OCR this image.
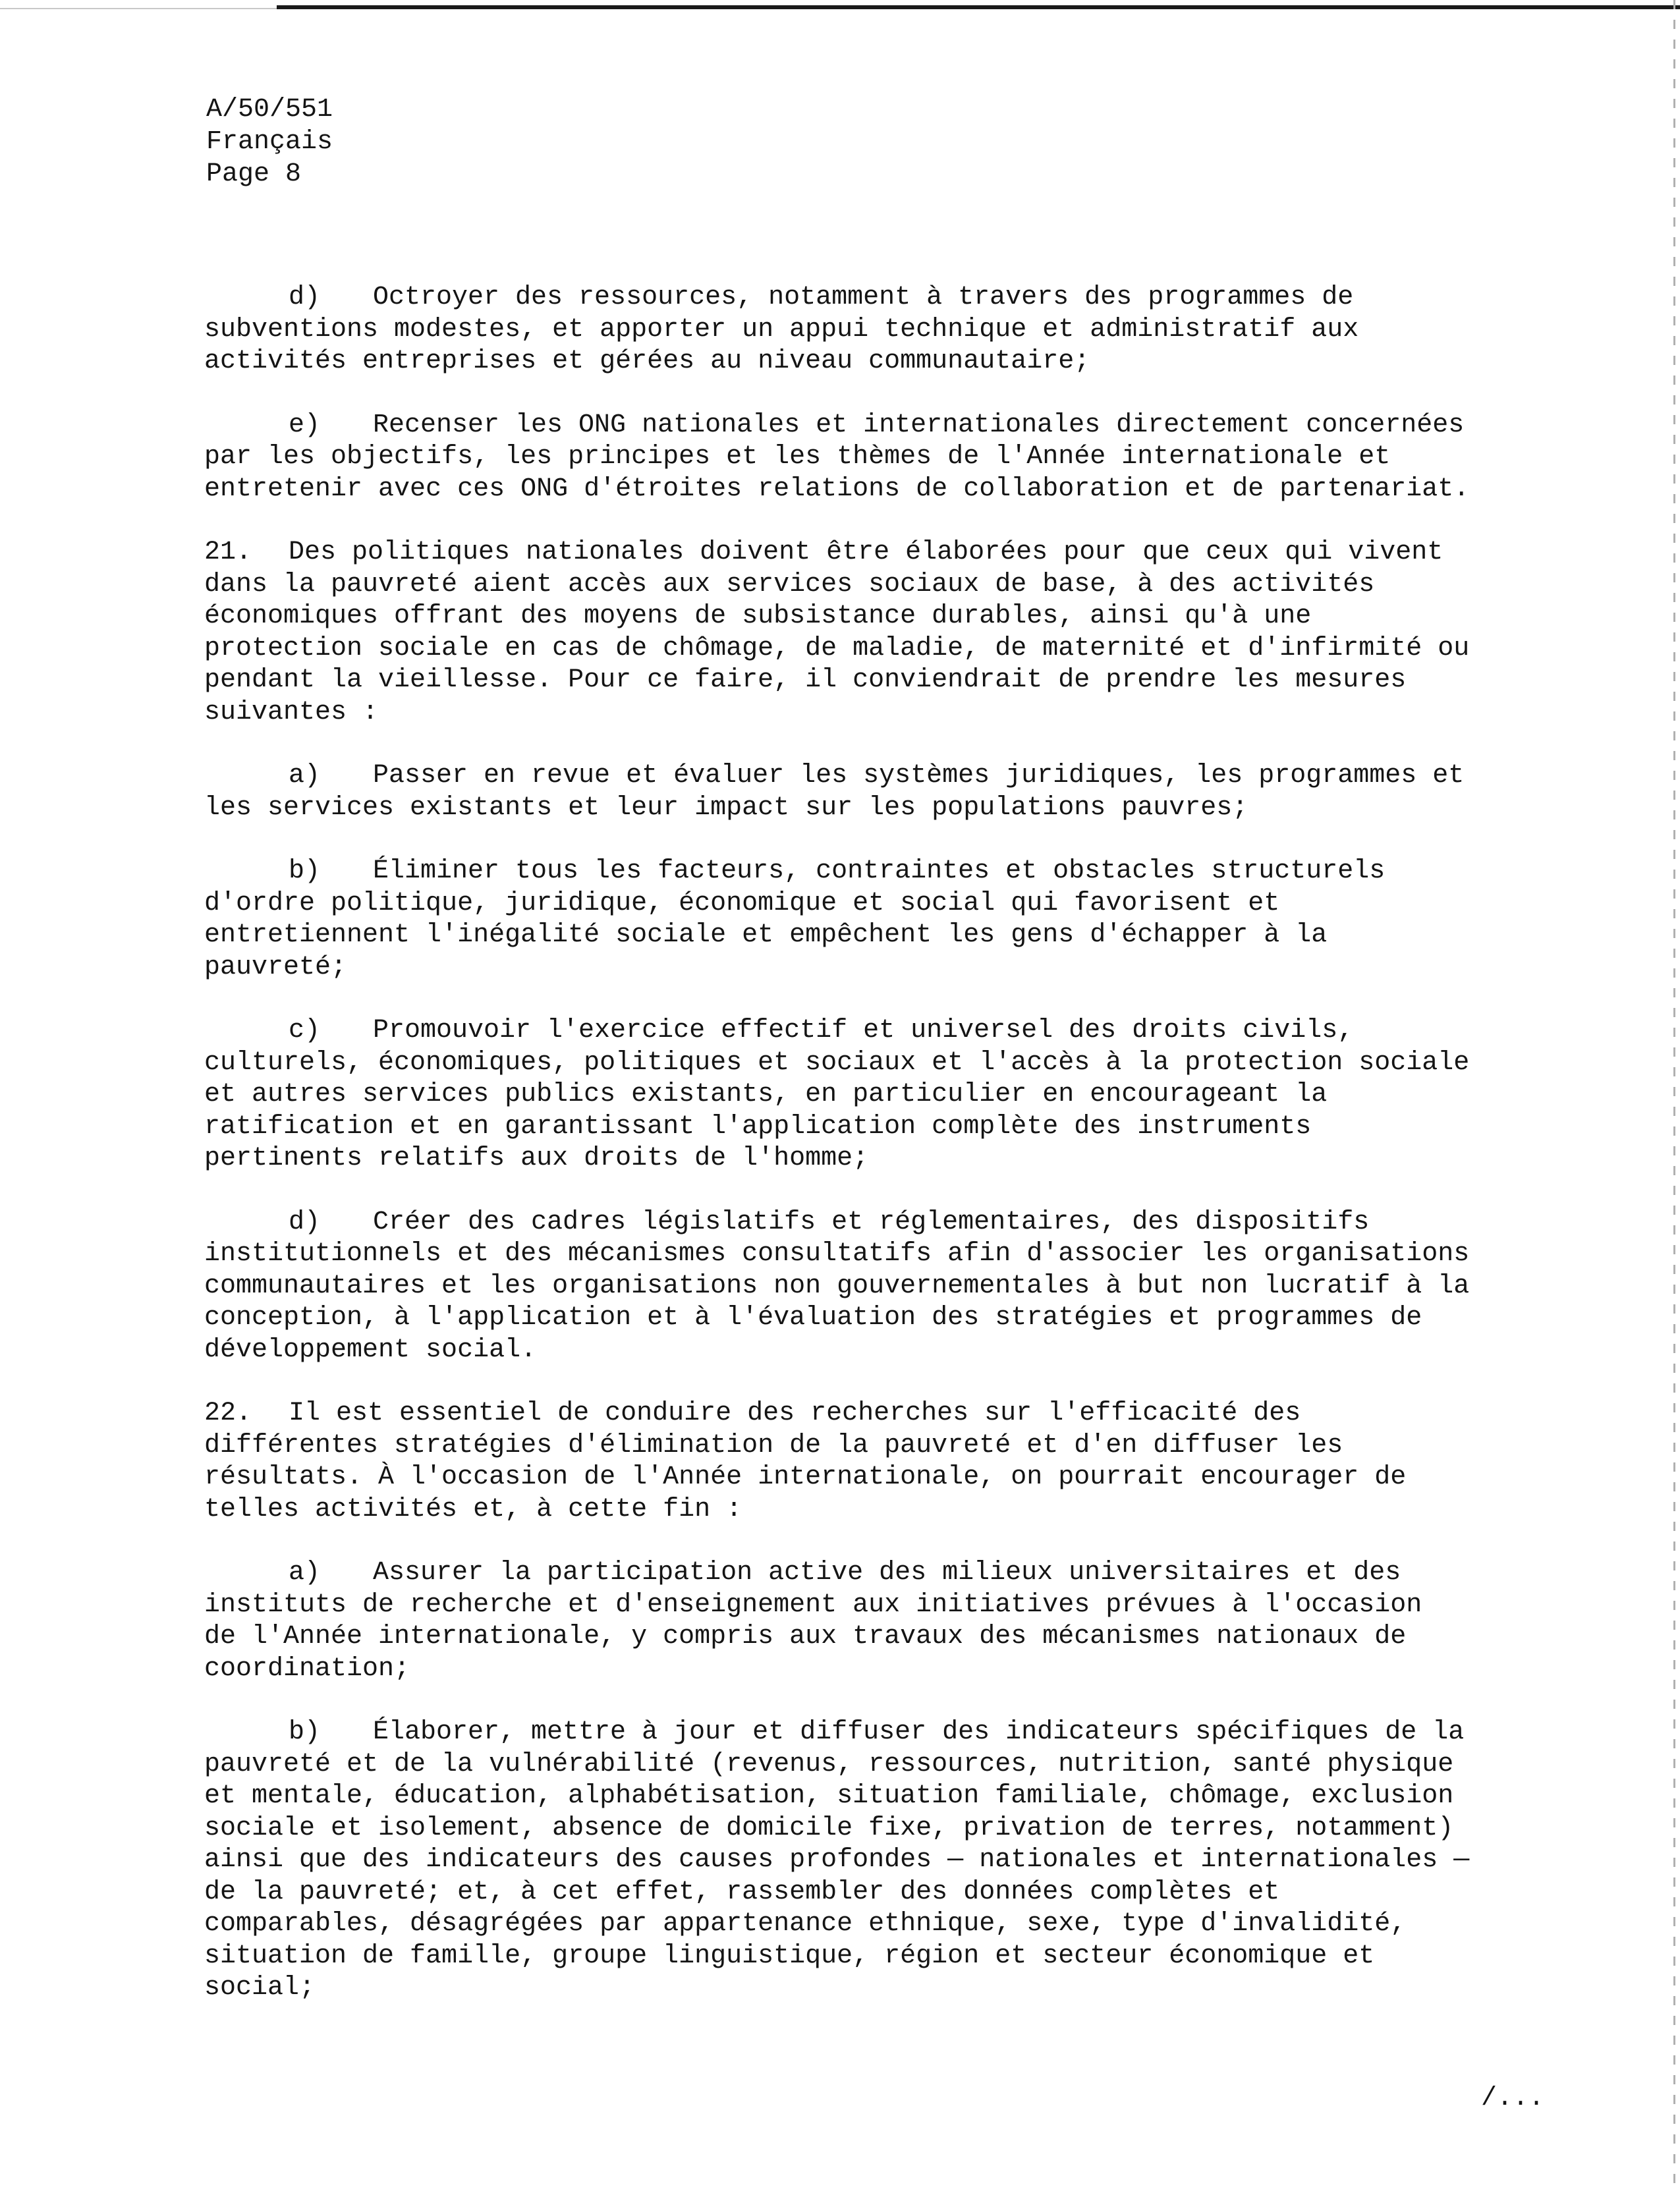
A/50/551
Français
Page 8

d) Octroyer des ressources, notamment à travers des programmes de
subventions modestes, et apporter un appui technique et administratif aux
activités entreprises et gérées au niveau communautaire;

e) Recenser les ONG nationales et internationales directement concernées
par les objectifs, les principes et les thèmes de l'Année internationale et
entretenir avec ces ONG d'étroites relations de collaboration et de partenariat.

21. Des politiques nationales doivent être élaborées pour que ceux qui vivent
dans la pauvreté aient accès aux services sociaux de base, à des activités
économiques offrant des moyens de subsistance durables, ainsi qu'à une
protection sociale en cas de chômage, de maladie, de maternité et d'infirmité ou
pendant la vieillesse. Pour ce faire, il conviendrait de prendre les mesures
suivantes :

a) Passer en revue et évaluer les systèmes juridiques, les programmes et
les services existants et leur impact sur les populations pauvres;

b) Éliminer tous les facteurs, contraintes et obstacles structurels
d'ordre politique, juridique, économique et social qui favorisent et
entretiennent l'inégalité sociale et empêchent les gens d'échapper à la
pauvreté;

c) Promouvoir l'exercice effectif et universel des droits civils,
culturels, économiques, politiques et sociaux et l'accès à la protection sociale
et autres services publics existants, en particulier en encourageant la
ratification et en garantissant l'application complète des instruments
pertinents relatifs aux droits de l'homme;

d) Créer des cadres législatifs et réglementaires, des dispositifs
institutionnels et des mécanismes consultatifs afin d'associer les organisations
communautaires et les organisations non gouvernementales à but non lucratif à la
conception, à l'application et à l'évaluation des stratégies et programmes de
développement social.

22. Il est essentiel de conduire des recherches sur l'efficacité des
différentes stratégies d'élimination de la pauvreté et d'en diffuser les
résultats. À l'occasion de l'Année internationale, on pourrait encourager de
telles activités et, à cette fin :

a) Assurer la participation active des milieux universitaires et des
instituts de recherche et d'enseignement aux initiatives prévues à l'occasion
de l'Année internationale, y compris aux travaux des mécanismes nationaux de
coordination;

b) Élaborer, mettre à jour et diffuser des indicateurs spécifiques de la
pauvreté et de la vulnérabilité (revenus, ressources, nutrition, santé physique
et mentale, éducation, alphabétisation, situation familiale, chômage, exclusion
sociale et isolement, absence de domicile fixe, privation de terres, notamment)
ainsi que des indicateurs des causes profondes — nationales et internationales —
de la pauvreté; et, à cet effet, rassembler des données complètes et
comparables, désagrégées par appartenance ethnique, sexe, type d'invalidité,
situation de famille, groupe linguistique, région et secteur économique et
social;

/...
